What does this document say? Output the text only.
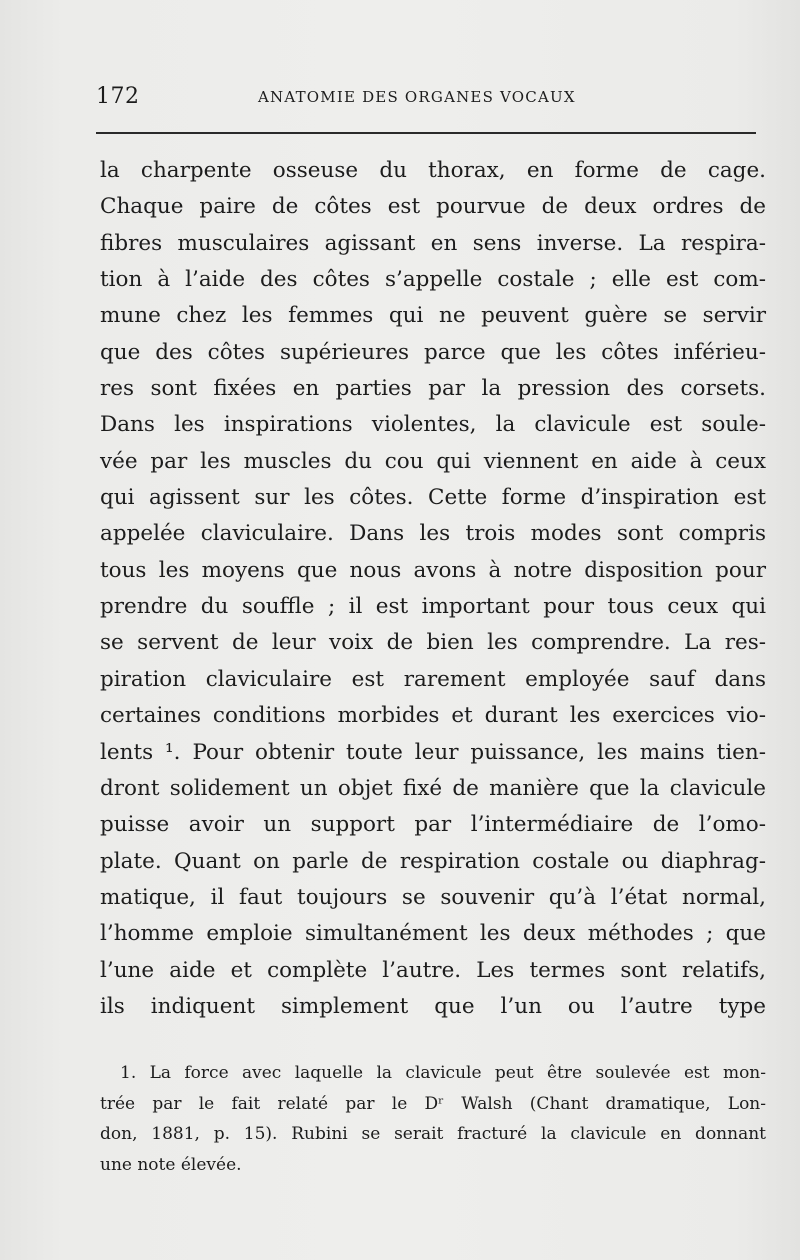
172	ANATOMIE DES ORGANES VOCAUX
la charpente osseuse du thorax, en forme de cage.
Chaque paire de côtes est pourvue de deux ordres de
fibres musculaires agissant en sens inverse. La respira-
tion à l’aide des côtes s’appelle costale ; elle est com-
mune chez les femmes qui ne peuvent guère se servir
que des côtes supérieures parce que les côtes inférieu-
res sont fixées en parties par la pression des corsets.
Dans les inspirations violentes, la clavicule est soule-
vée par les muscles du cou qui viennent en aide à ceux
qui agissent sur les côtes. Cette forme d’inspiration est
appelée claviculaire. Dans les trois modes sont compris
tous les moyens que nous avons à notre disposition pour
prendre du souffle ; il est important pour tous ceux qui
se servent de leur voix de bien les comprendre. La res-
piration claviculaire est rarement employée sauf dans
certaines conditions morbides et durant les exercices vio-
lents ¹. Pour obtenir toute leur puissance, les mains tien-
dront solidement un objet fixé de manière que la clavicule
puisse avoir un support par l’intermédiaire de l’omo-
plate. Quant on parle de respiration costale ou diaphrag-
matique, il faut toujours se souvenir qu’à l’état normal,
l’homme emploie simultanément les deux méthodes ; que
l’une aide et complète l’autre. Les termes sont relatifs,
ils indiquent simplement que l’un ou l’autre type
1. La force avec laquelle la clavicule peut être soulevée est mon-
trée par le fait relaté par le Dʳ Walsh (Chant dramatique, Lon-
don, 1881, p. 15). Rubini se serait fracturé la clavicule en donnant
une note élevée.
